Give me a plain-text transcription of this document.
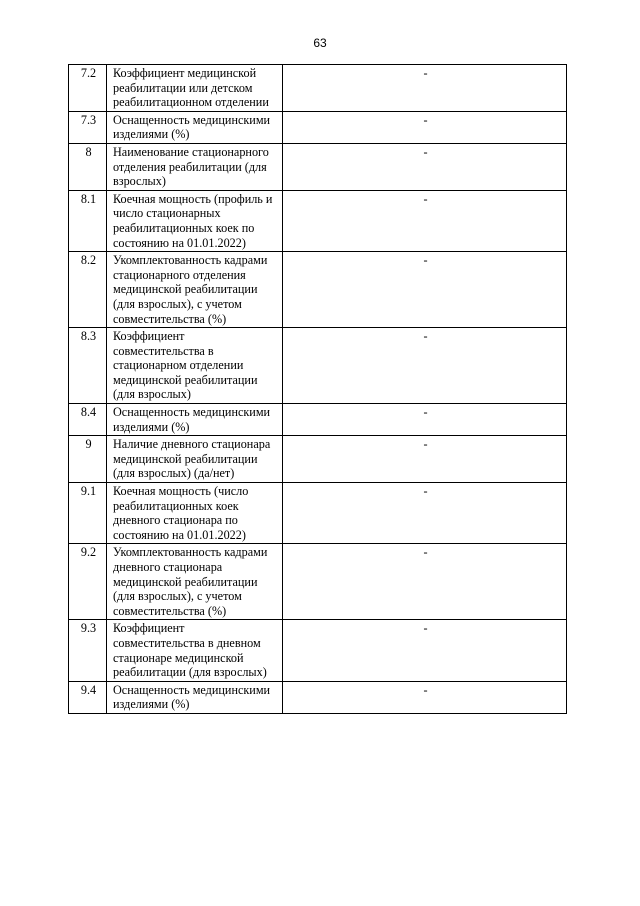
63
7.2	Коэффициент медицинской реабилитации или детском реабилитационном отделении	-
7.3	Оснащенность медицинскими изделиями (%)	-
8	Наименование стационарного отделения реабилитации (для взрослых)	-
8.1	Коечная мощность (профиль и число стационарных реабилитационных коек по состоянию на 01.01.2022)	-
8.2	Укомплектованность кадрами стационарного отделения медицинской реабилитации (для взрослых), с учетом совместительства (%)	-
8.3	Коэффициент совместительства в стационарном отделении медицинской реабилитации (для взрослых)	-
8.4	Оснащенность медицинскими изделиями (%)	-
9	Наличие дневного стационара медицинской реабилитации (для взрослых) (да/нет)	-
9.1	Коечная мощность (число реабилитационных коек дневного стационара по состоянию на 01.01.2022)	-
9.2	Укомплектованность кадрами дневного стационара медицинской реабилитации (для взрослых), с учетом совместительства (%)	-
9.3	Коэффициент совместительства в дневном стационаре медицинской реабилитации (для взрослых)	-
9.4	Оснащенность медицинскими изделиями (%)	-
